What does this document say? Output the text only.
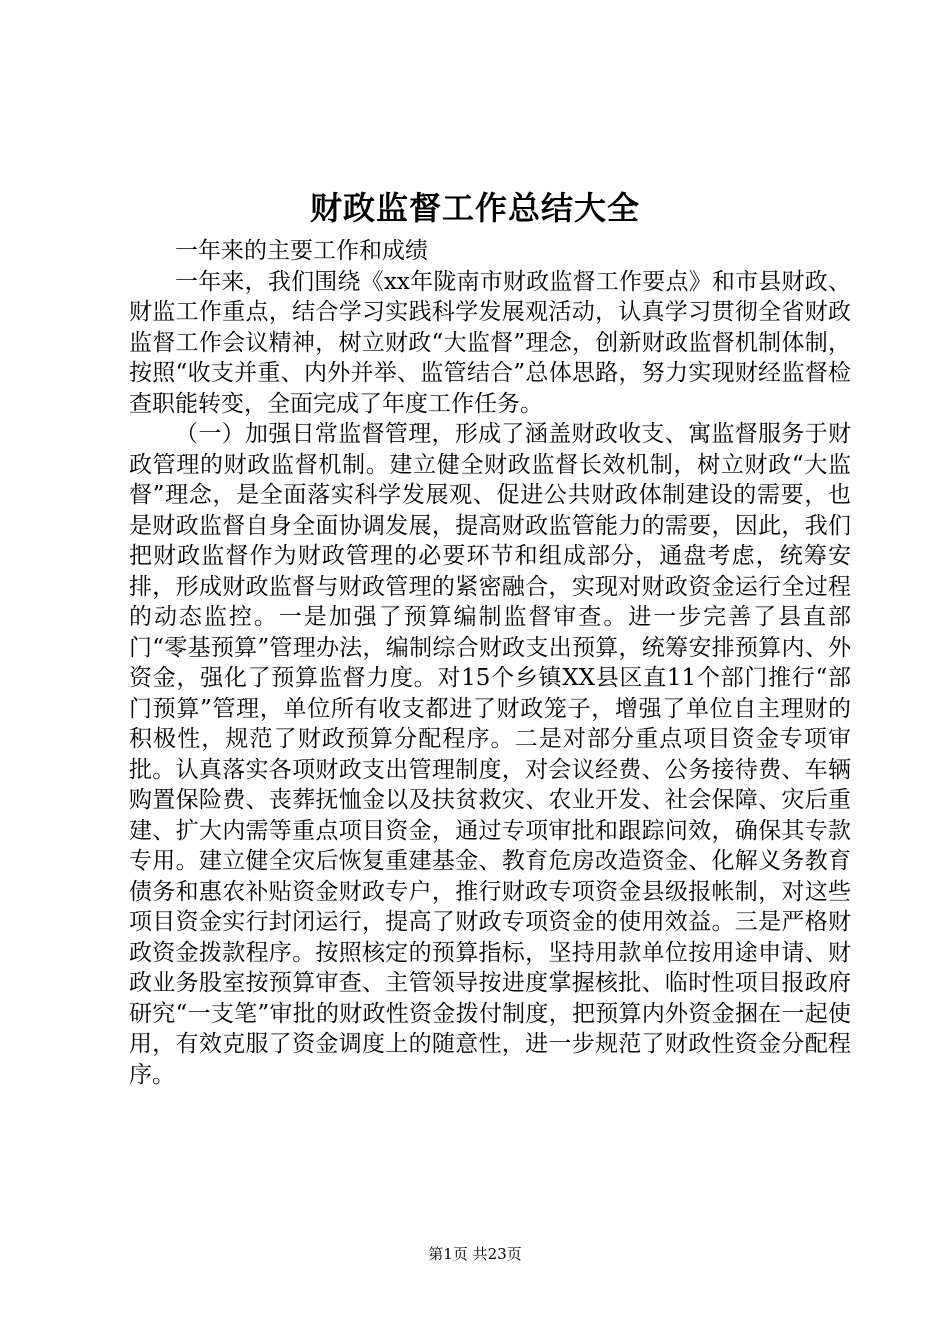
财政监督工作总结大全

一年来的主要工作和成绩

一年来，我们围绕《xx年陇南市财政监督工作要点》和市县财政、财监工作重点，结合学习实践科学发展观活动，认真学习贯彻全省财政监督工作会议精神，树立财政“大监督”理念，创新财政监督机制体制，按照“收支并重、内外并举、监管结合”总体思路，努力实现财经监督检查职能转变，全面完成了年度工作任务。

（一）加强日常监督管理，形成了涵盖财政收支、寓监督服务于财政管理的财政监督机制。建立健全财政监督长效机制，树立财政“大监督”理念，是全面落实科学发展观、促进公共财政体制建设的需要，也是财政监督自身全面协调发展，提高财政监管能力的需要，因此，我们把财政监督作为财政管理的必要环节和组成部分，通盘考虑，统筹安排，形成财政监督与财政管理的紧密融合，实现对财政资金运行全过程的动态监控。一是加强了预算编制监督审查。进一步完善了县直部门“零基预算”管理办法，编制综合财政支出预算，统筹安排预算内、外资金，强化了预算监督力度。对15个乡镇XX县区直11个部门推行“部门预算”管理，单位所有收支都进了财政笼子，增强了单位自主理财的积极性，规范了财政预算分配程序。二是对部分重点项目资金专项审批。认真落实各项财政支出管理制度，对会议经费、公务接待费、车辆购置保险费、丧葬抚恤金以及扶贫救灾、农业开发、社会保障、灾后重建、扩大内需等重点项目资金，通过专项审批和跟踪问效，确保其专款专用。建立健全灾后恢复重建基金、教育危房改造资金、化解义务教育债务和惠农补贴资金财政专户，推行财政专项资金县级报帐制，对这些项目资金实行封闭运行，提高了财政专项资金的使用效益。三是严格财政资金拨款程序。按照核定的预算指标，坚持用款单位按用途申请、财政业务股室按预算审查、主管领导按进度掌握核批、临时性项目报政府研究“一支笔”审批的财政性资金拨付制度，把预算内外资金捆在一起使用，有效克服了资金调度上的随意性，进一步规范了财政性资金分配程序。

第1页 共23页
